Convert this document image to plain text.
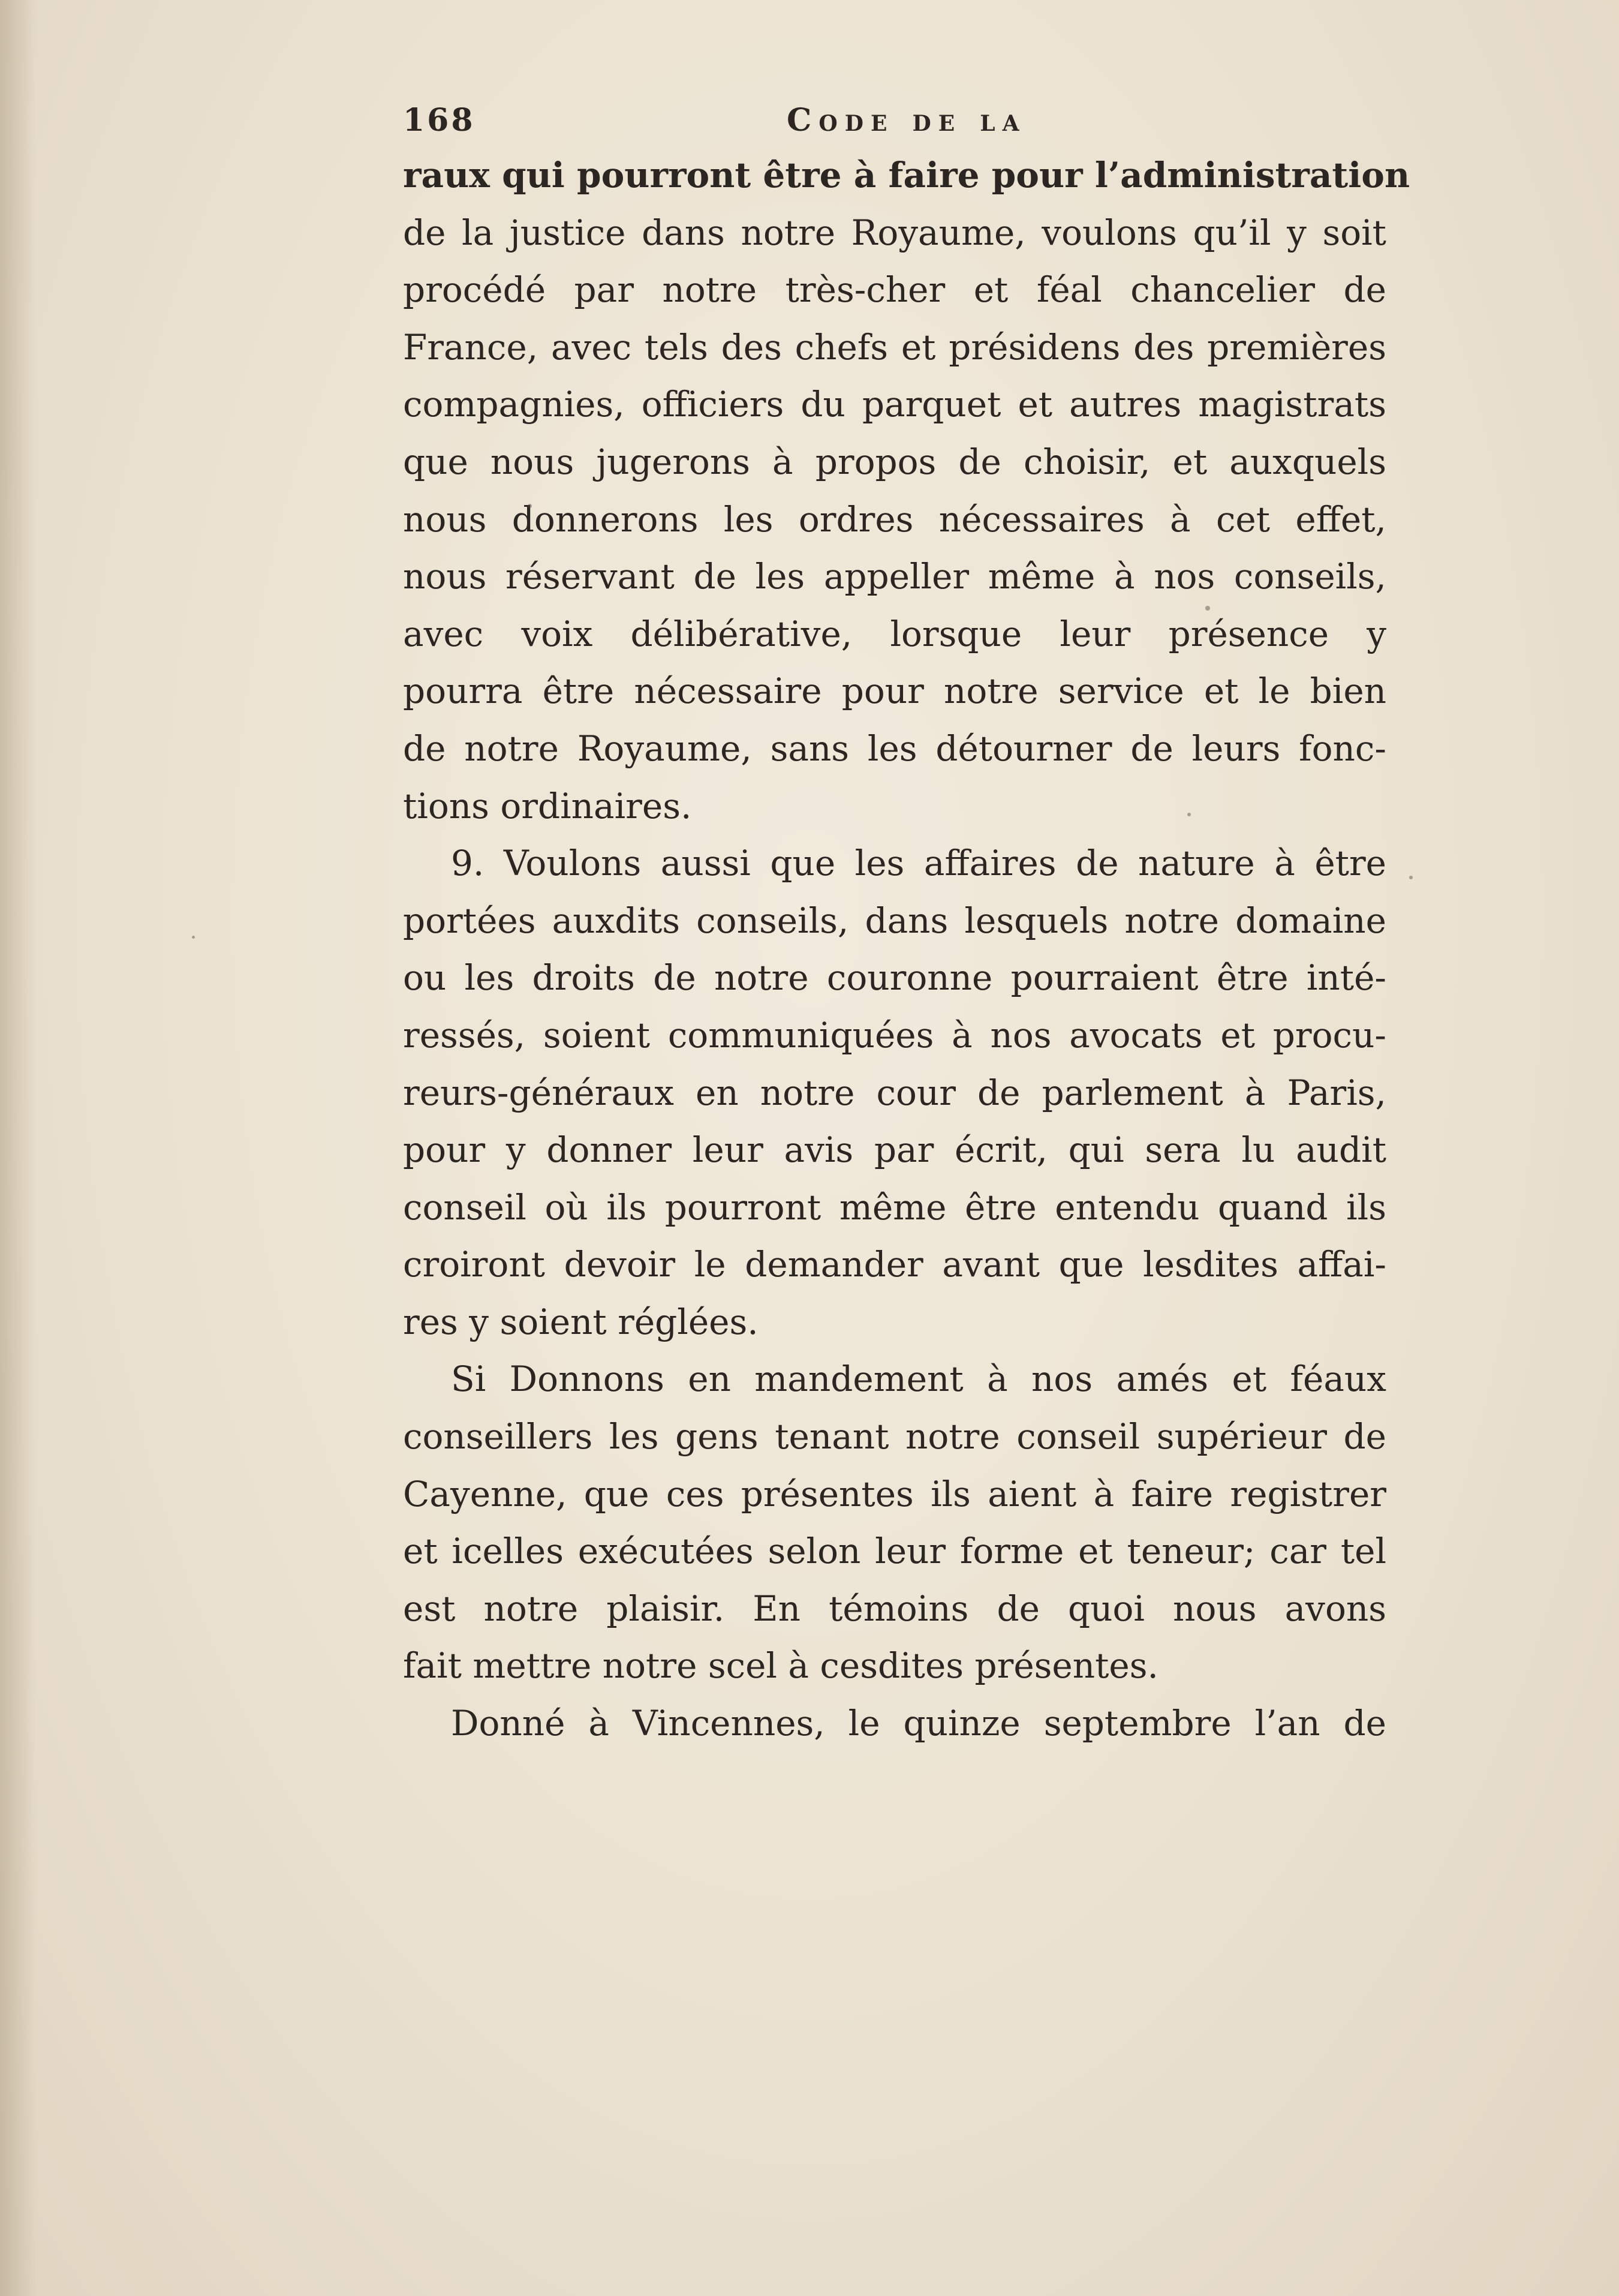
168	Code de la
raux qui pourront être à faire pour l’administration
de la justice dans notre Royaume, voulons qu’il y soit
procédé par notre très-cher et féal chancelier de
France, avec tels des chefs et présidens des premières
compagnies, officiers du parquet et autres magistrats
que nous jugerons à propos de choisir, et auxquels
nous donnerons les ordres nécessaires à cet effet,
nous réservant de les appeller même à nos conseils,
avec voix délibérative, lorsque leur présence y
pourra être nécessaire pour notre service et le bien
de notre Royaume, sans les détourner de leurs fonc-
tions ordinaires.
9. Voulons aussi que les affaires de nature à être
portées auxdits conseils, dans lesquels notre domaine
ou les droits de notre couronne pourraient être inté-
ressés, soient communiquées à nos avocats et procu-
reurs-généraux en notre cour de parlement à Paris,
pour y donner leur avis par écrit, qui sera lu audit
conseil où ils pourront même être entendu quand ils
croiront devoir le demander avant que lesdites affai-
res y soient réglées.
Si Donnons en mandement à nos amés et féaux
conseillers les gens tenant notre conseil supérieur de
Cayenne, que ces présentes ils aient à faire registrer
et icelles exécutées selon leur forme et teneur; car tel
est notre plaisir. En témoins de quoi nous avons
fait mettre notre scel à cesdites présentes.
Donné à Vincennes, le quinze septembre l’an de
